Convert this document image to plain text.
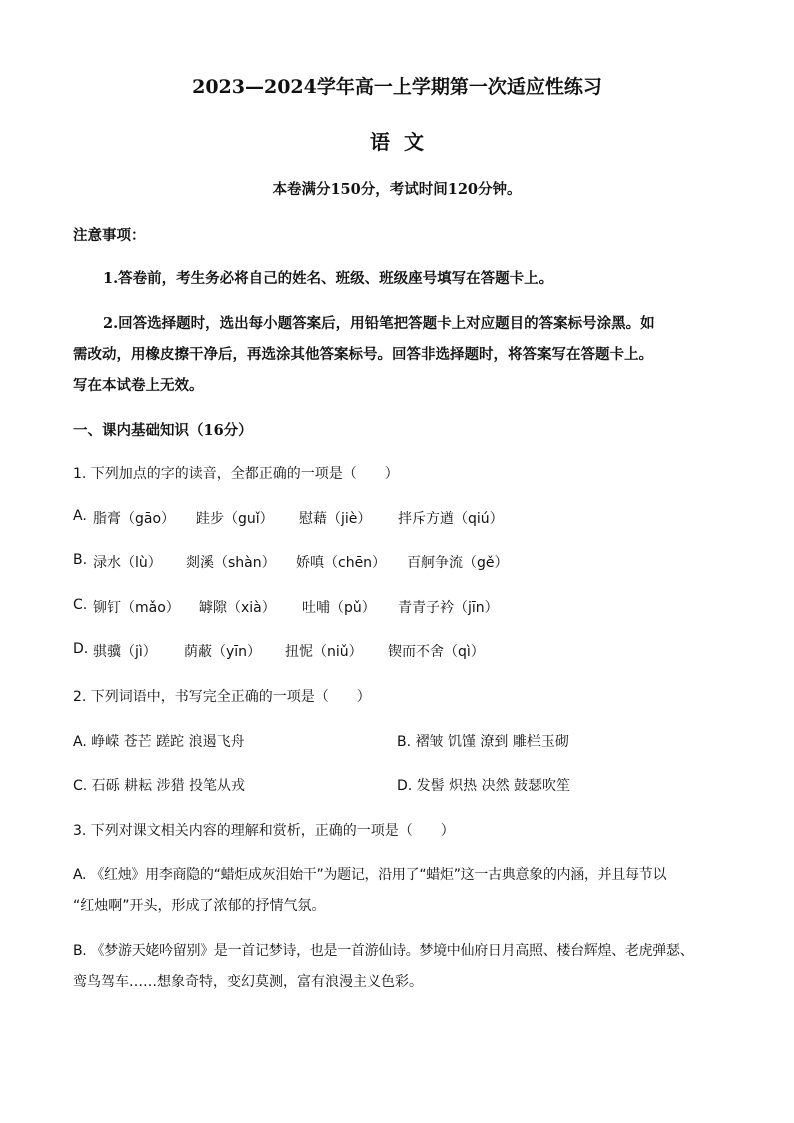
2023—2024学年高一上学期第一次适应性练习
语文
本卷满分150分，考试时间120分钟。
注意事项：
1.答卷前，考生务必将自己的姓名、班级、班级座号填写在答题卡上。
2.回答选择题时，选出每小题答案后，用铅笔把答题卡上对应题目的答案标号涂黑。如
需改动，用橡皮擦干净后，再选涂其他答案标号。回答非选择题时，将答案写在答题卡上。
写在本试卷上无效。
一、课内基础知识（16分）
1. 下列加点的字的读音，全都正确的一项是（　　）
A. 脂膏（gāo） 跬步（guǐ） 慰藉（jiè） 拌斥方遒（qiú）
B. 渌水（lù） 剡溪（shàn） 娇嗔（chēn） 百舸争流（gě）
C. 铆钉（mǎo） 罅隙（xià） 吐哺（pǔ） 青青子衿（jīn）
D. 骐骥（jì） 荫蔽（yīn） 扭怩（niǔ） 锲而不舍（qì）
2. 下列词语中，书写完全正确的一项是（　　）
A. 峥嵘 苍芒 蹉跎 浪遏飞舟	B. 褶皱 饥馑 潦到 雕栏玉砌
C. 石砾 耕耘 涉猎 投笔从戎	D. 发髻 炽热 决然 鼓瑟吹笙
3. 下列对课文相关内容的理解和赏析，正确的一项是（　　）
A. 《红烛》用李商隐的“蜡炬成灰泪始干”为题记，沿用了“蜡炬”这一古典意象的内涵，并且每节以
“红烛啊”开头，形成了浓郁的抒情气氛。
B. 《梦游天姥吟留别》是一首记梦诗，也是一首游仙诗。梦境中仙府日月高照、楼台辉煌、老虎弹瑟、
鸾鸟驾车……想象奇特，变幻莫测，富有浪漫主义色彩。
